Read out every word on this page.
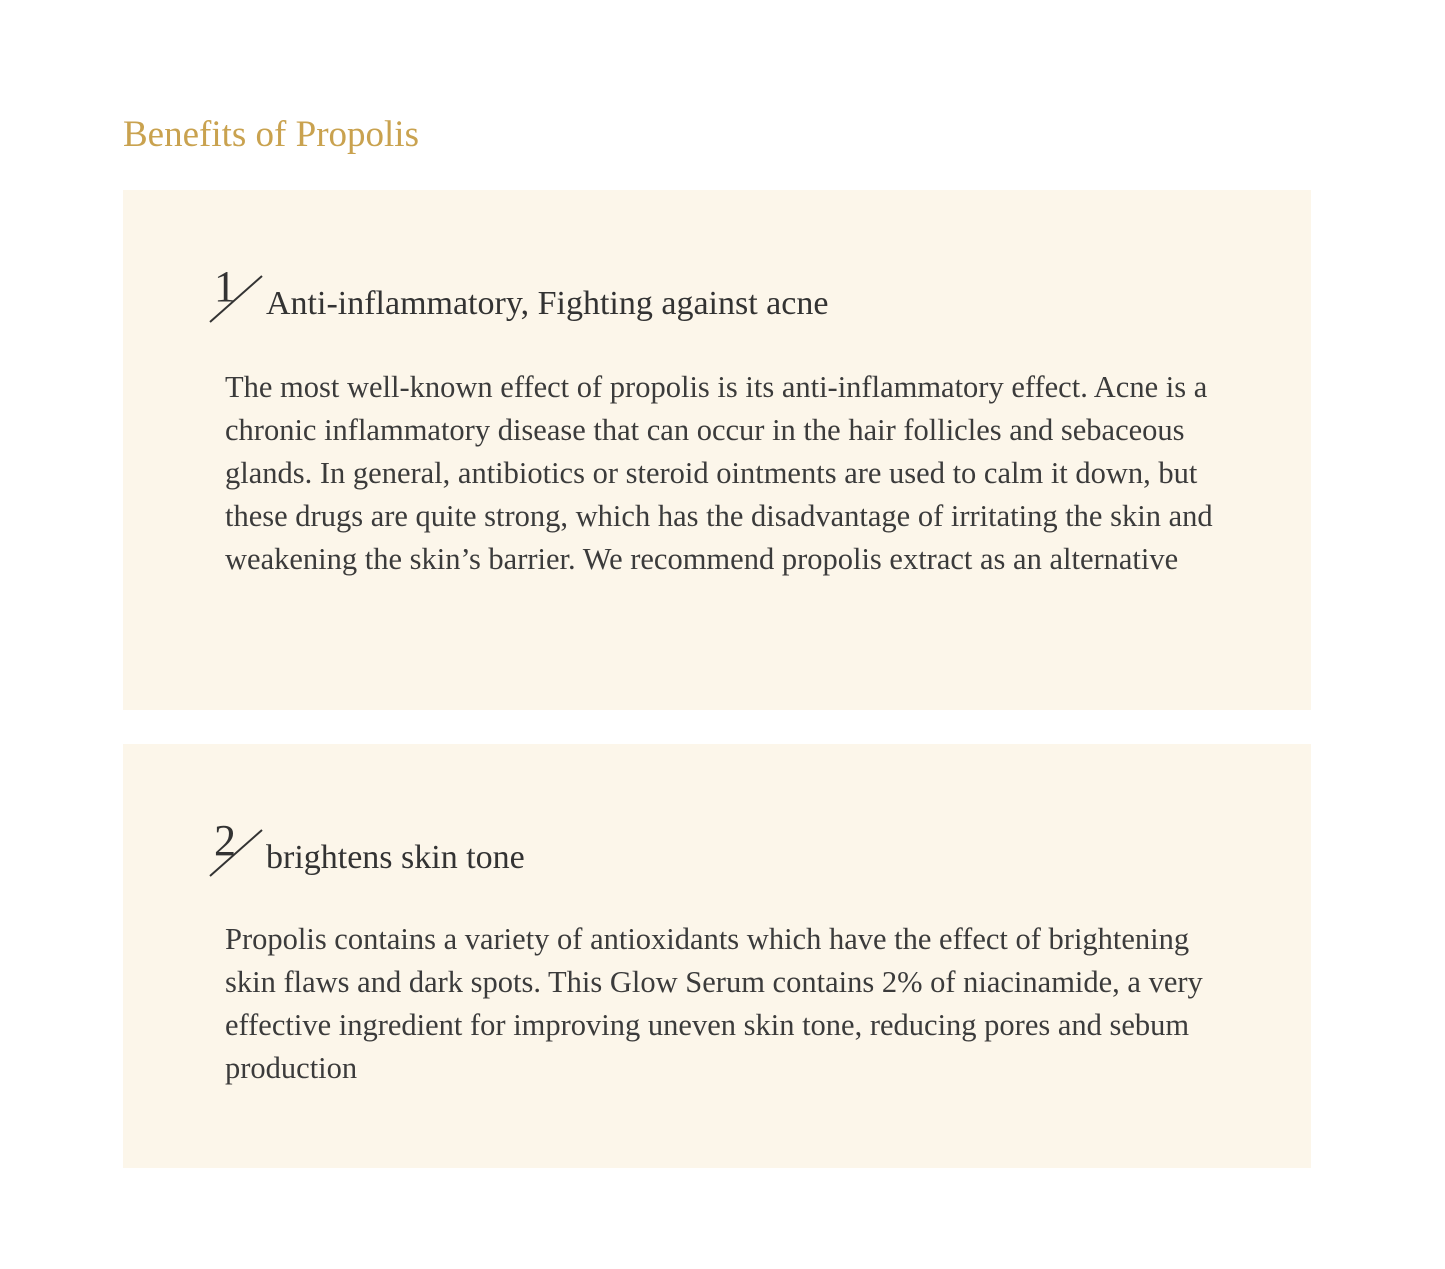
Benefits of Propolis
1 Anti-inflammatory, Fighting against acne

The most well-known effect of propolis is its anti-inflammatory effect. Acne is a chronic inflammatory disease that can occur in the hair follicles and sebaceous glands. In general, antibiotics or steroid ointments are used to calm it down, but these drugs are quite strong, which has the disadvantage of irritating the skin and weakening the skin’s barrier. We recommend propolis extract as an alternative

2 brightens skin tone

Propolis contains a variety of antioxidants which have the effect of brightening skin flaws and dark spots. This Glow Serum contains 2% of niacinamide, a very effective ingredient for improving uneven skin tone, reducing pores and sebum production
